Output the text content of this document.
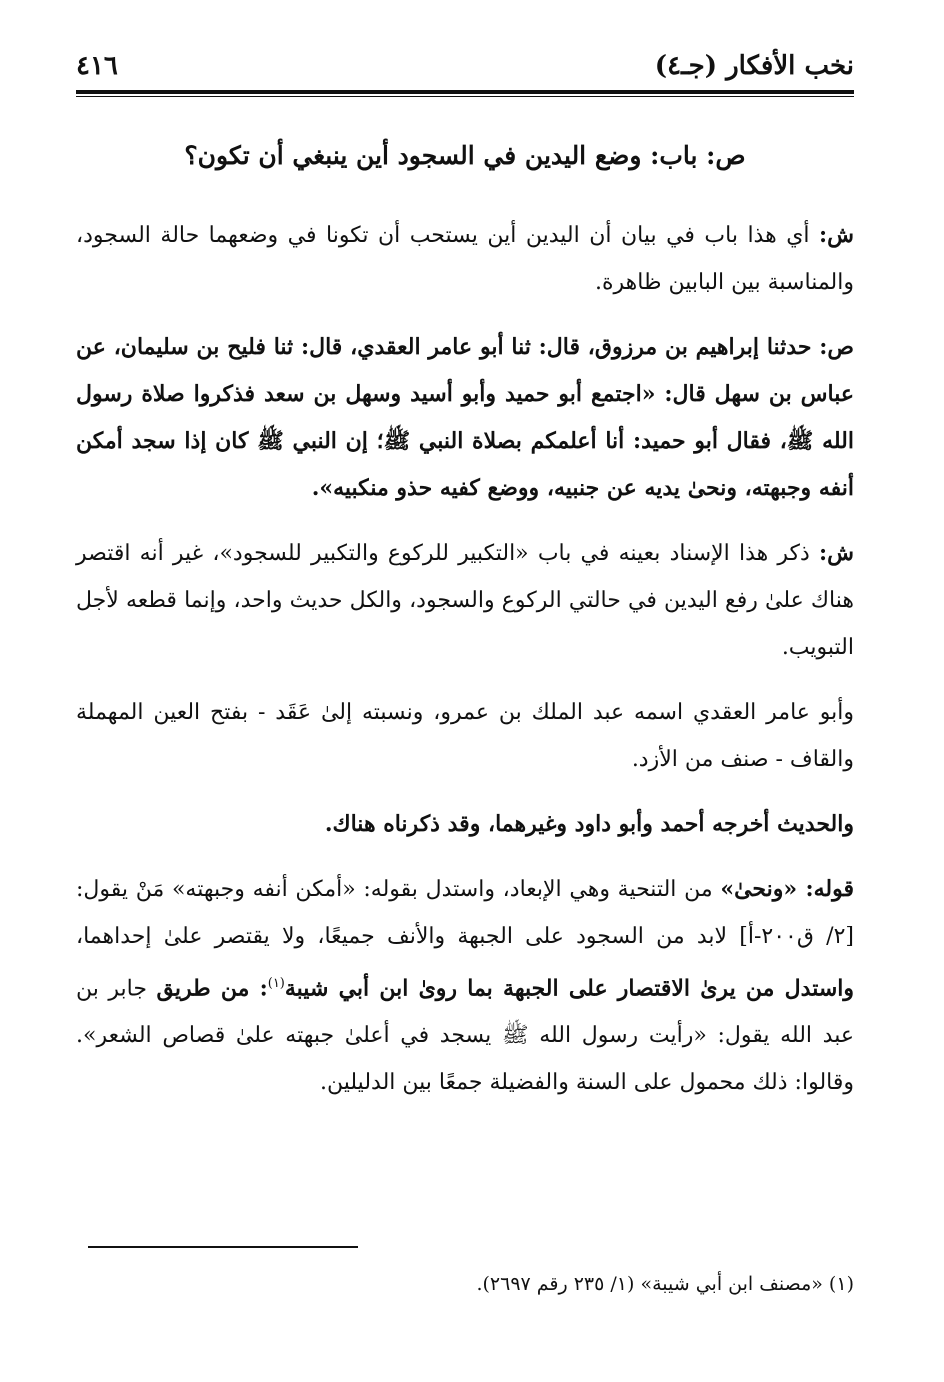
نخب الأفكار (جـ٤)
٤١٦
ص: باب: وضع اليدين في السجود أين ينبغي أن تكون؟

ش: أي هذا باب في بيان أن اليدين أين يستحب أن تكونا في وضعهما حالة السجود، والمناسبة بين البابين ظاهرة.

ص: حدثنا إبراهيم بن مرزوق، قال: ثنا أبو عامر العقدي، قال: ثنا فليح بن سليمان، عن عباس بن سهل قال: «اجتمع أبو حميد وأبو أسيد وسهل بن سعد فذكروا صلاة رسول الله ﷺ، فقال أبو حميد: أنا أعلمكم بصلاة النبي ﷺ؛ إن النبي ﷺ كان إذا سجد أمكن أنفه وجبهته، ونحىٰ يديه عن جنبيه، ووضع كفيه حذو منكبيه».

ش: ذكر هذا الإسناد بعينه في باب «التكبير للركوع والتكبير للسجود»، غير أنه اقتصر هناك علىٰ رفع اليدين في حالتي الركوع والسجود، والكل حديث واحد، وإنما قطعه لأجل التبويب.

وأبو عامر العقدي اسمه عبد الملك بن عمرو، ونسبته إلىٰ عَقَد - بفتح العين المهملة والقاف - صنف من الأزد.

والحديث أخرجه أحمد وأبو داود وغيرهما، وقد ذكرناه هناك.

قوله: «ونحىٰ» من التنحية وهي الإبعاد، واستدل بقوله: «أمكن أنفه وجبهته» مَنْ يقول: [٢/ ق٢٠٠-أ] لابد من السجود على الجبهة والأنف جميعًا، ولا يقتصر علىٰ إحداهما، واستدل من يرىٰ الاقتصار على الجبهة بما روىٰ ابن أبي شيبة$^{(١)}$: من طريق جابر بن عبد الله يقول: «رأيت رسول الله ﷺ يسجد في أعلىٰ جبهته علىٰ قصاص الشعر». وقالوا: ذلك محمول على السنة والفضيلة جمعًا بين الدليلين.

(١) «مصنف ابن أبي شيبة» (١/ ٢٣٥ رقم ٢٦٩٧).
